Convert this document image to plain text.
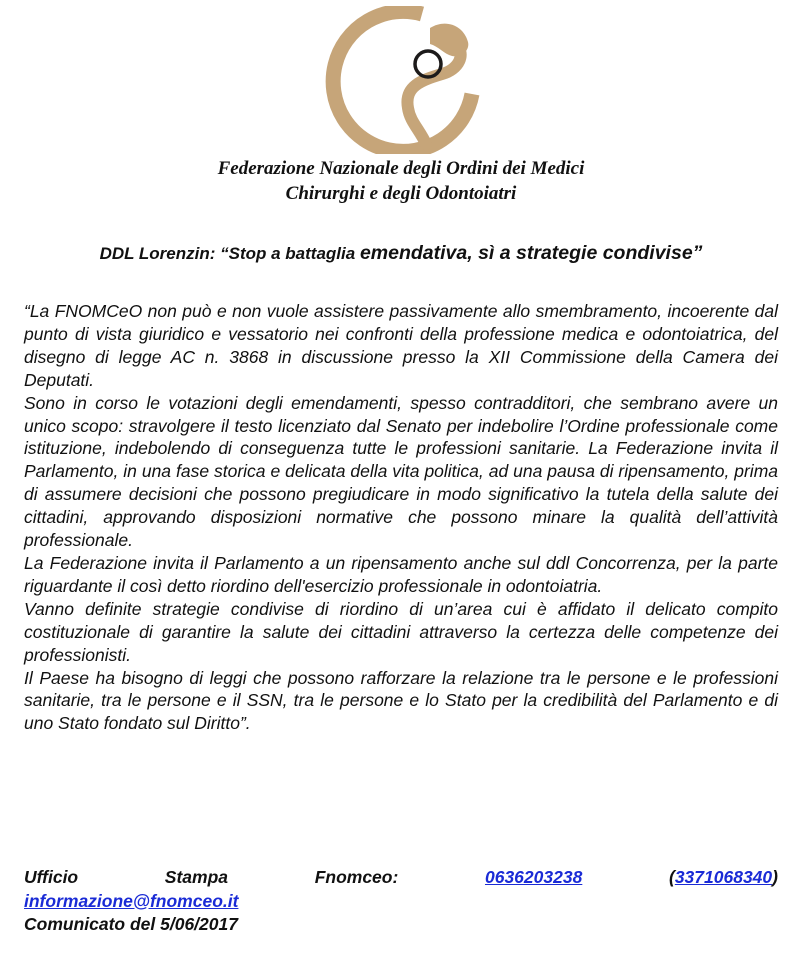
Federazione Nazionale degli Ordini dei Medici
Chirurghi e degli Odontoiatri
DDL Lorenzin: “Stop a battaglia emendativa, sì a strategie condivise”

“La FNOMCeO non può e non vuole assistere passivamente allo smembramento, incoerente dal punto di vista giuridico e vessatorio nei confronti della professione medica e odontoiatrica, del disegno di legge AC n. 3868 in discussione presso la XII Commissione della Camera dei Deputati.

Sono in corso le votazioni degli emendamenti, spesso contradditori, che sembrano avere un unico scopo: stravolgere il testo licenziato dal Senato per indebolire l’Ordine professionale come istituzione, indebolendo di conseguenza tutte le professioni sanitarie. La Federazione invita il Parlamento, in una fase storica e delicata della vita politica, ad una pausa di ripensamento, prima di assumere decisioni che possono pregiudicare in modo significativo la tutela della salute dei cittadini, approvando disposizioni normative che possono minare la qualità dell’attività professionale.

La Federazione invita il Parlamento a un ripensamento anche sul ddl Concorrenza, per la parte riguardante il così detto riordino dell'esercizio professionale in odontoiatria.

Vanno definite strategie condivise di riordino di un’area cui è affidato il delicato compito costituzionale di garantire la salute dei cittadini attraverso la certezza delle competenze dei professionisti.

Il Paese ha bisogno di leggi che possono rafforzare la relazione tra le persone e le professioni sanitarie, tra le persone e il SSN, tra le persone e lo Stato per la credibilità del Parlamento e di uno Stato fondato sul Diritto”.

Ufficio	Stampa	Fnomceo:	0636203238	(3371068340)
informazione@fnomceo.it
Comunicato del 5/06/2017
